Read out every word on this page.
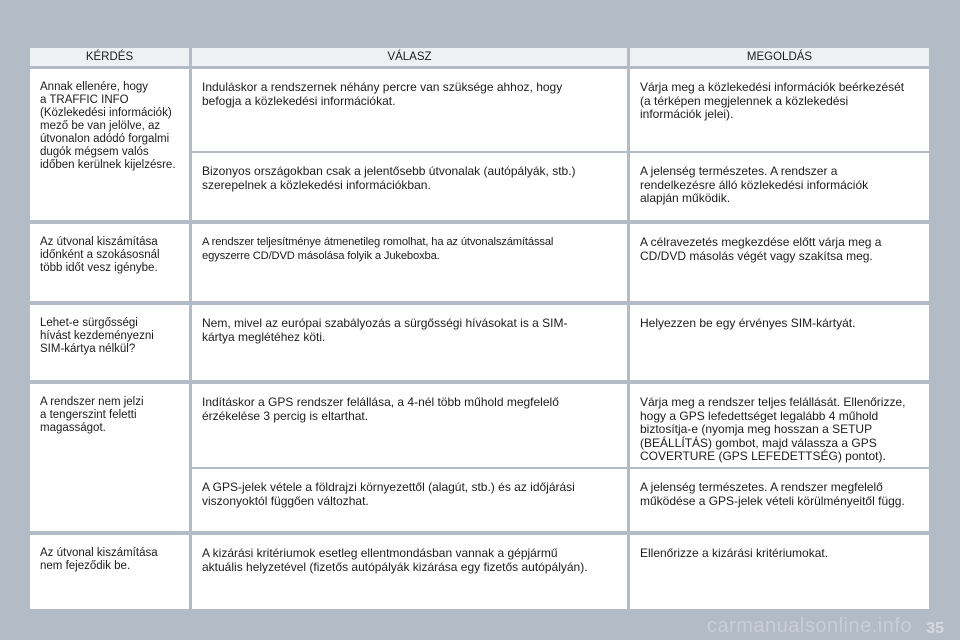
KÉRDÉS	VÁLASZ	MEGOLDÁS
Annak ellenére, hogy
a TRAFFIC INFO
(Közlekedési információk)
mező be van jelölve, az
útvonalon adódó forgalmi
dugók mégsem valós
időben kerülnek kijelzésre.
Induláskor a rendszernek néhány percre van szüksége ahhoz, hogy
befogja a közlekedési információkat.
Várja meg a közlekedési információk beérkezését
(a térképen megjelennek a közlekedési
információk jelei).
Bizonyos országokban csak a jelentősebb útvonalak (autópályák, stb.)
szerepelnek a közlekedési információkban.
A jelenség természetes. A rendszer a
rendelkezésre álló közlekedési információk
alapján működik.
Az útvonal kiszámítása
időnként a szokásosnál
több időt vesz igénybe.
A rendszer teljesítménye átmenetileg romolhat, ha az útvonalszámítással
egyszerre CD/DVD másolása folyik a Jukeboxba.
A célravezetés megkezdése előtt várja meg a
CD/DVD másolás végét vagy szakítsa meg.
Lehet-e sürgősségi
hívást kezdeményezni
SIM-kártya nélkül?
Nem, mivel az európai szabályozás a sürgősségi hívásokat is a SIM-
kártya meglétéhez köti.
Helyezzen be egy érvényes SIM-kártyát.
A rendszer nem jelzi
a tengerszint feletti
magasságot.
Indításkor a GPS rendszer felállása, a 4-nél több műhold megfelelő
érzékelése 3 percig is eltarthat.
Várja meg a rendszer teljes felállását. Ellenőrizze,
hogy a GPS lefedettséget legalább 4 műhold
biztosítja-e (nyomja meg hosszan a SETUP
(BEÁLLÍTÁS) gombot, majd válassza a GPS
COVERTURE (GPS LEFEDETTSÉG) pontot).
A GPS-jelek vétele a földrajzi környezettől (alagút, stb.) és az időjárási
viszonyoktól függően változhat.
A jelenség természetes. A rendszer megfelelő
működése a GPS-jelek vételi körülményeitől függ.
Az útvonal kiszámítása
nem fejeződik be.
A kizárási kritériumok esetleg ellentmondásban vannak a gépjármű
aktuális helyzetével (fizetős autópályák kizárása egy fizetős autópályán).
Ellenőrizze a kizárási kritériumokat.
carmanualsonline.info 35
